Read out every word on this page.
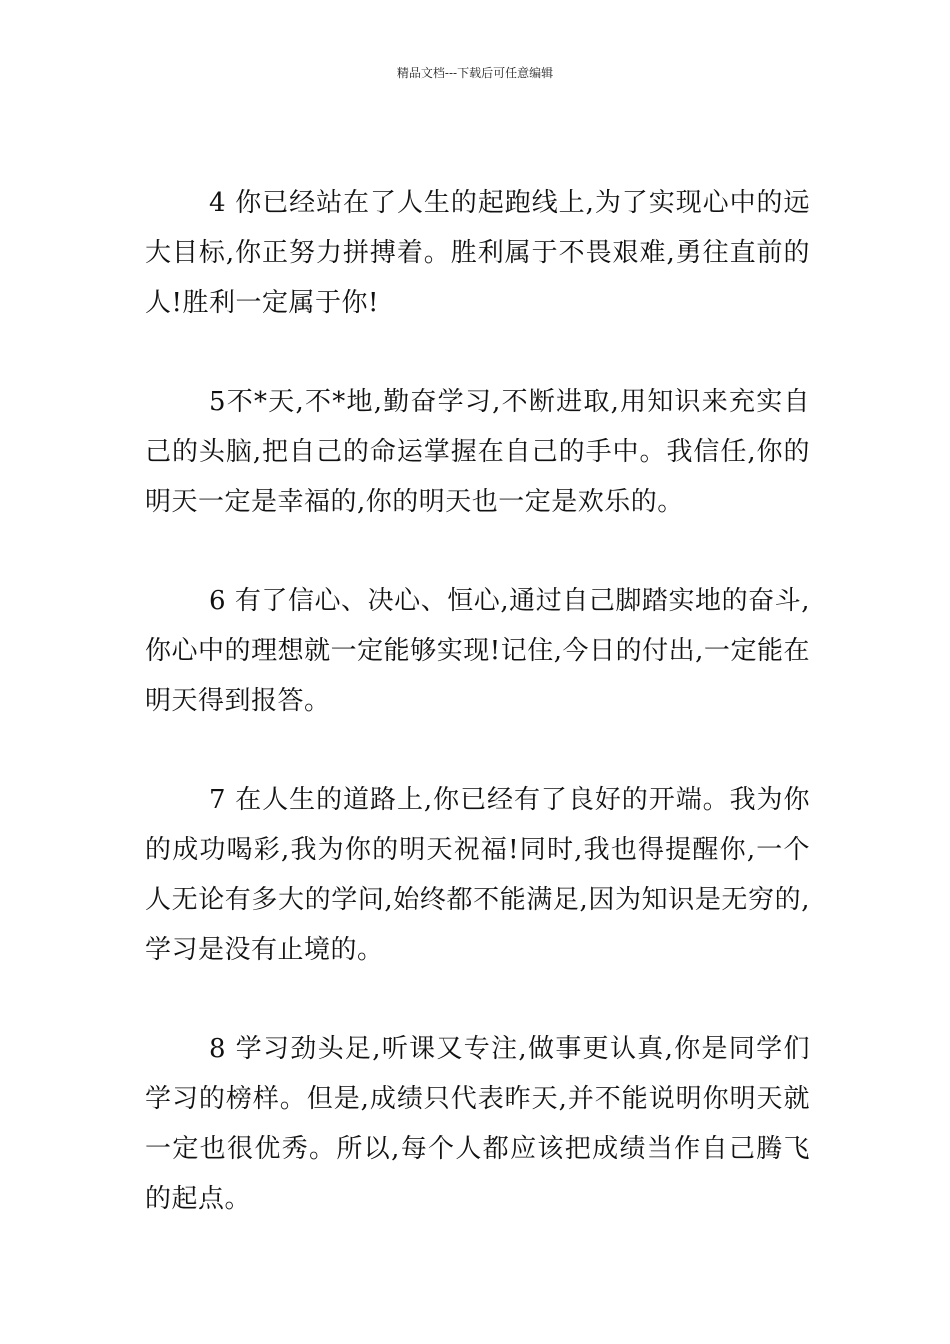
精品文档---下载后可任意编辑

4 你已经站在了人生的起跑线上,为了实现心中的远大目标,你正努力拼搏着。胜利属于不畏艰难,勇往直前的人!胜利一定属于你!

5不*天,不*地,勤奋学习,不断进取,用知识来充实自己的头脑,把自己的命运掌握在自己的手中。我信任,你的明天一定是幸福的,你的明天也一定是欢乐的。

6 有了信心、决心、恒心,通过自己脚踏实地的奋斗,你心中的理想就一定能够实现!记住,今日的付出,一定能在明天得到报答。

7 在人生的道路上,你已经有了良好的开端。我为你的成功喝彩,我为你的明天祝福!同时,我也得提醒你,一个人无论有多大的学问,始终都不能满足,因为知识是无穷的,学习是没有止境的。

8 学习劲头足,听课又专注,做事更认真,你是同学们学习的榜样。但是,成绩只代表昨天,并不能说明你明天就一定也很优秀。所以,每个人都应该把成绩当作自己腾飞的起点。
